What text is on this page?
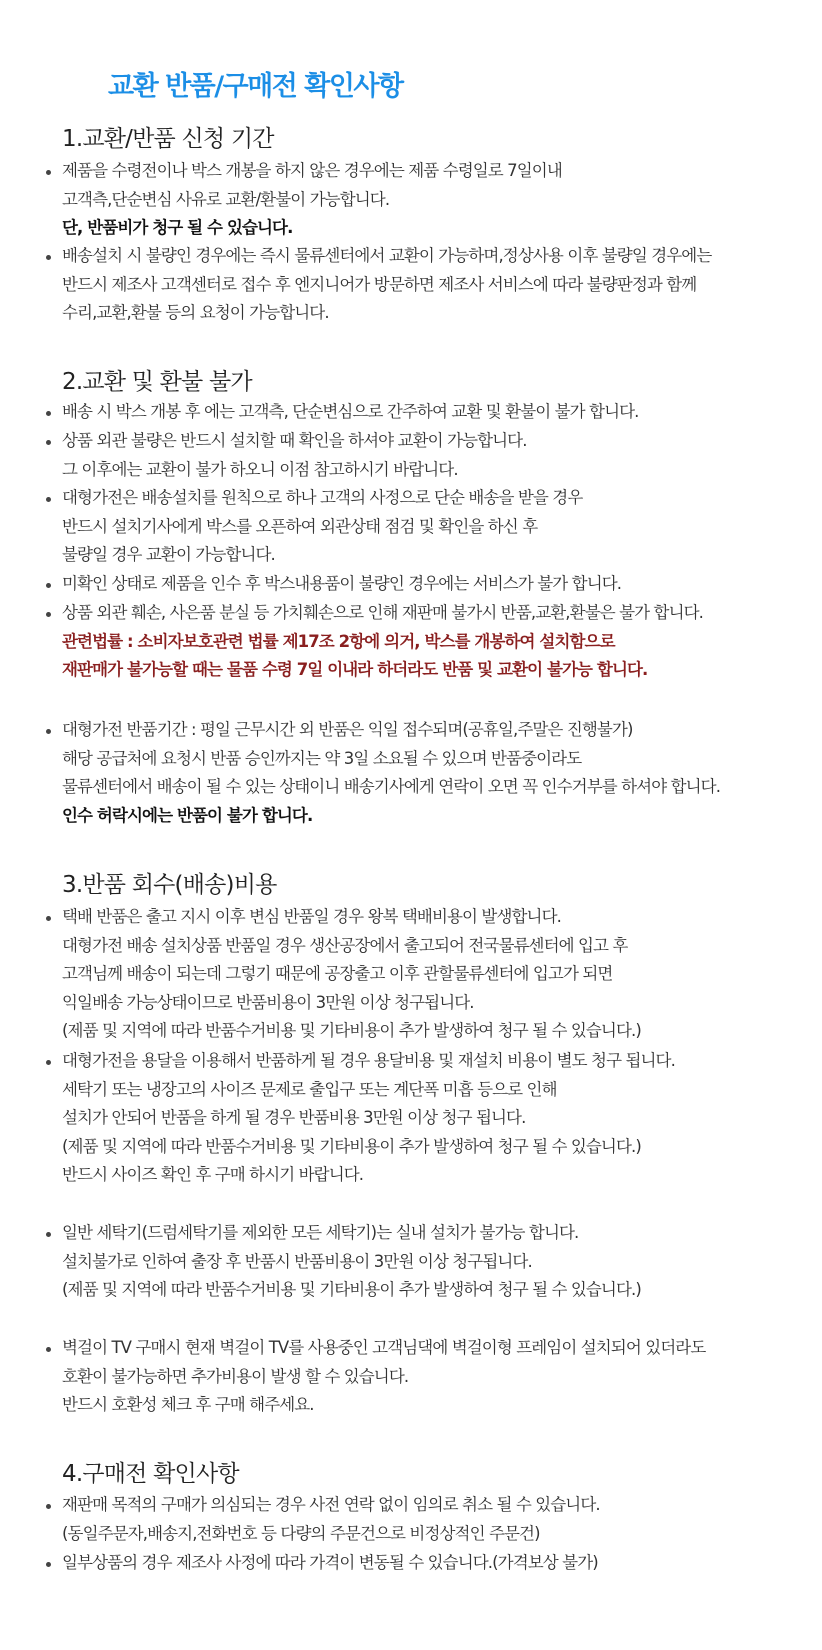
교환 반품/구매전 확인사항
1.교환/반품 신청 기간
제품을 수령전이나 박스 개봉을 하지 않은 경우에는 제품 수령일로 7일이내
고객측,단순변심 사유로 교환/환불이 가능합니다.
단, 반품비가 청구 될 수 있습니다.
배송설치 시 불량인 경우에는 즉시 물류센터에서 교환이 가능하며,정상사용 이후 불량일 경우에는
반드시 제조사 고객센터로 접수 후 엔지니어가 방문하면 제조사 서비스에 따라 불량판정과 함께
수리,교환,환불 등의 요청이 가능합니다.
2.교환 및 환불 불가
배송 시 박스 개봉 후 에는 고객측, 단순변심으로 간주하여 교환 및 환불이 불가 합니다.
상품 외관 불량은 반드시 설치할 때 확인을 하셔야 교환이 가능합니다.
그 이후에는 교환이 불가 하오니 이점 참고하시기 바랍니다.
대형가전은 배송설치를 원칙으로 하나 고객의 사정으로 단순 배송을 받을 경우
반드시 설치기사에게 박스를 오픈하여 외관상태 점검 및 확인을 하신 후
불량일 경우 교환이 가능합니다.
미확인 상태로 제품을 인수 후 박스내용품이 불량인 경우에는 서비스가 불가 합니다.
상품 외관 훼손, 사은품 분실 등 가치훼손으로 인해 재판매 불가시 반품,교환,환불은 불가 합니다.
관련법률 : 소비자보호관련 법률 제17조 2항에 의거, 박스를 개봉하여 설치함으로
재판매가 불가능할 때는 물품 수령 7일 이내라 하더라도 반품 및 교환이 불가능 합니다.
대형가전 반품기간 : 평일 근무시간 외 반품은 익일 접수되며(공휴일,주말은 진행불가)
해당 공급처에 요청시 반품 승인까지는 약 3일 소요될 수 있으며 반품중이라도
물류센터에서 배송이 될 수 있는 상태이니 배송기사에게 연락이 오면 꼭 인수거부를 하셔야 합니다.
인수 허락시에는 반품이 불가 합니다.
3.반품 회수(배송)비용
택배 반품은 출고 지시 이후 변심 반품일 경우 왕복 택배비용이 발생합니다.
대형가전 배송 설치상품 반품일 경우 생산공장에서 출고되어 전국물류센터에 입고 후
고객님께 배송이 되는데 그렇기 때문에 공장출고 이후 관할물류센터에 입고가 되면
익일배송 가능상태이므로 반품비용이 3만원 이상 청구됩니다.
(제품 및 지역에 따라 반품수거비용 및 기타비용이 추가 발생하여 청구 될 수 있습니다.)
대형가전을 용달을 이용해서 반품하게 될 경우 용달비용 및 재설치 비용이 별도 청구 됩니다.
세탁기 또는 냉장고의 사이즈 문제로 출입구 또는 계단폭 미흡 등으로 인해
설치가 안되어 반품을 하게 될 경우 반품비용 3만원 이상 청구 됩니다.
(제품 및 지역에 따라 반품수거비용 및 기타비용이 추가 발생하여 청구 될 수 있습니다.)
반드시 사이즈 확인 후 구매 하시기 바랍니다.
일반 세탁기(드럼세탁기를 제외한 모든 세탁기)는 실내 설치가 불가능 합니다.
설치불가로 인하여 출장 후 반품시 반품비용이 3만원 이상 청구됩니다.
(제품 및 지역에 따라 반품수거비용 및 기타비용이 추가 발생하여 청구 될 수 있습니다.)
벽걸이 TV 구매시 현재 벽걸이 TV를 사용중인 고객님댁에 벽걸이형 프레임이 설치되어 있더라도
호환이 불가능하면 추가비용이 발생 할 수 있습니다.
반드시 호환성 체크 후 구매 해주세요.
4.구매전 확인사항
재판매 목적의 구매가 의심되는 경우 사전 연락 없이 임의로 취소 될 수 있습니다.
(동일주문자,배송지,전화번호 등 다량의 주문건으로 비정상적인 주문건)
일부상품의 경우 제조사 사정에 따라 가격이 변동될 수 있습니다.(가격보상 불가)
